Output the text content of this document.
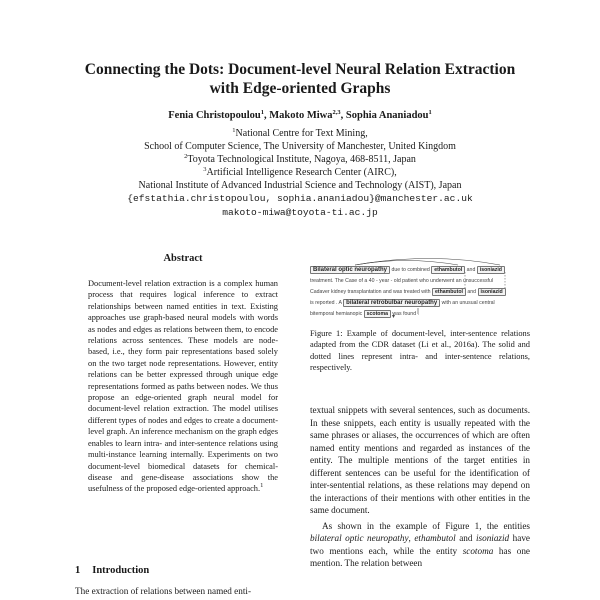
Connecting the Dots: Document-level Neural Relation Extraction
with Edge-oriented Graphs
Fenia Christopoulou$^1$, Makoto Miwa$^{2,3}$, Sophia Ananiadou$^1$
$^1$National Centre for Text Mining,
School of Computer Science, The University of Manchester, United Kingdom
$^2$Toyota Technological Institute, Nagoya, 468-8511, Japan
$^3$Artificial Intelligence Research Center (AIRC),
National Institute of Advanced Industrial Science and Technology (AIST), Japan
{efstathia.christopoulou, sophia.ananiadou}@manchester.ac.uk
makoto-miwa@toyota-ti.ac.jp
Abstract
Document-level relation extraction is a complex human process that requires logical inference to extract relationships between named entities in text. Existing approaches use graph-based neural models with words as nodes and edges as relations between them, to encode relations across sentences. These models are node-based, i.e., they form pair representations based solely on the two target node representations. However, entity relations can be better expressed through unique edge representations formed as paths between nodes. We thus propose an edge-oriented graph neural model for document-level relation extraction. The model utilises different types of nodes and edges to create a document-level graph. An inference mechanism on the graph edges enables to learn intra- and inter-sentence relations using multi-instance learning internally. Experiments on two document-level biomedical datasets for chemical-disease and gene-disease associations show the usefulness of the proposed edge-oriented approach.$^1$
1 Introduction
The extraction of relations between named enti-
Bilateral optic neuropathy due to combined ethambutol and isoniazid
treatment. The Case of a 40 - year - old patient who underwent an unsuccessful
Cadaver kidney transplantation and was treated with ethambutol and isoniazid
is reported . A bilateral retrobulbar neuropathy with an unusual central
bitemporal hemianopic scotoma was found .
Figure 1: Example of document-level, inter-sentence relations adapted from the CDR dataset (Li et al., 2016a). The solid and dotted lines represent intra- and inter-sentence relations, respectively.

textual snippets with several sentences, such as documents. In these snippets, each entity is usually repeated with the same phrases or aliases, the occurrences of which are often named entity mentions and regarded as instances of the entity. The multiple mentions of the target entities in different sentences can be useful for the identification of inter-sentential relations, as these relations may depend on the interactions of their mentions with other entities in the same document.

As shown in the example of Figure 1, the entities bilateral optic neuropathy, ethambutol and isoniazid have two mentions each, while the entity scotoma has one mention. The relation between
